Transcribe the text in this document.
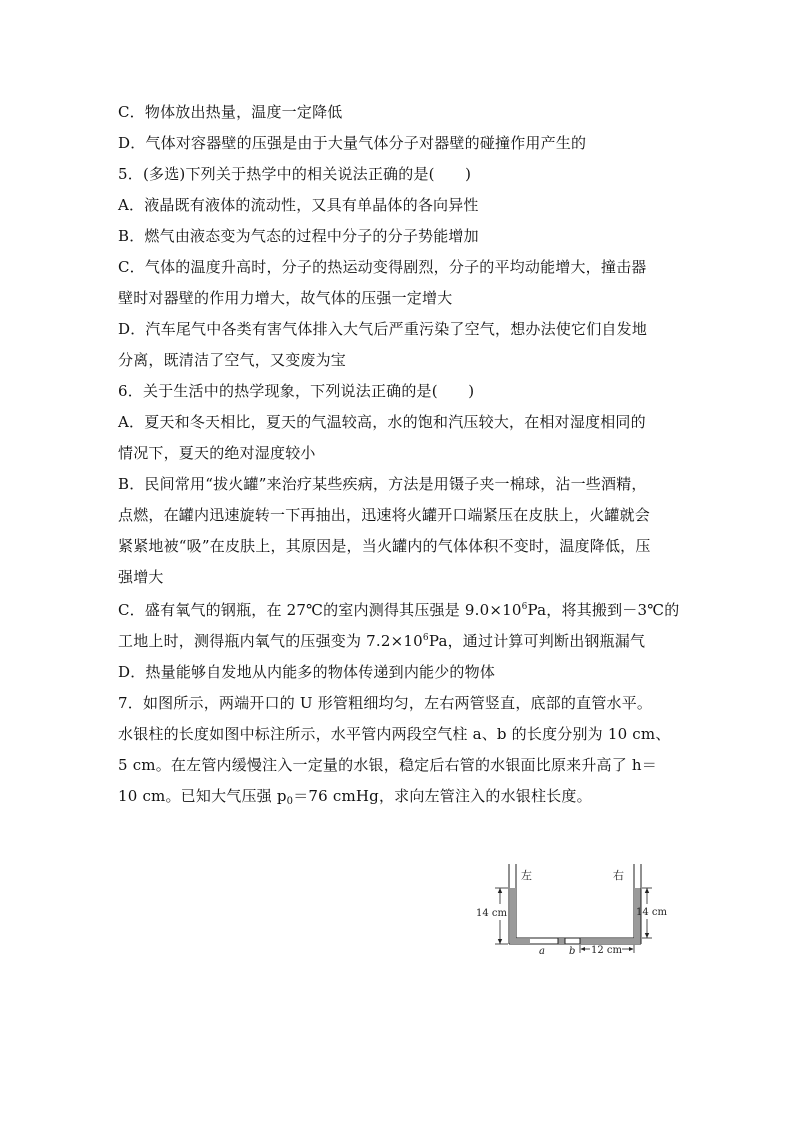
C．物体放出热量，温度一定降低
D．气体对容器壁的压强是由于大量气体分子对器壁的碰撞作用产生的
5．(多选)下列关于热学中的相关说法正确的是(　　)
A．液晶既有液体的流动性，又具有单晶体的各向异性
B．燃气由液态变为气态的过程中分子的分子势能增加
C．气体的温度升高时，分子的热运动变得剧烈，分子的平均动能增大，撞击器
壁时对器壁的作用力增大，故气体的压强一定增大
D．汽车尾气中各类有害气体排入大气后严重污染了空气，想办法使它们自发地
分离，既清洁了空气，又变废为宝
6．关于生活中的热学现象，下列说法正确的是(　　)
A．夏天和冬天相比，夏天的气温较高，水的饱和汽压较大，在相对湿度相同的
情况下，夏天的绝对湿度较小
B．民间常用“拔火罐”来治疗某些疾病，方法是用镊子夹一棉球，沾一些酒精，
点燃，在罐内迅速旋转一下再抽出，迅速将火罐开口端紧压在皮肤上，火罐就会
紧紧地被“吸”在皮肤上，其原因是，当火罐内的气体体积不变时，温度降低，压
强增大
C．盛有氧气的钢瓶，在 27℃的室内测得其压强是 $9.0\times 10^6Pa$，将其搬到－3℃的
工地上时，测得瓶内氧气的压强变为 $7.2\times 10^6Pa$，通过计算可判断出钢瓶漏气
D．热量能够自发地从内能多的物体传递到内能少的物体
7．如图所示，两端开口的 U 形管粗细均匀，左右两管竖直，底部的直管水平。
水银柱的长度如图中标注所示，水平管内两段空气柱 a、b 的长度分别为 10 cm、
5 cm。在左管内缓慢注入一定量的水银，稳定后右管的水银面比原来升高了 h＝
10 cm。已知大气压强 $p_0=76$ cmHg，求向左管注入的水银柱长度。
左	右
14 cm	14 cm
a b 12 cm
